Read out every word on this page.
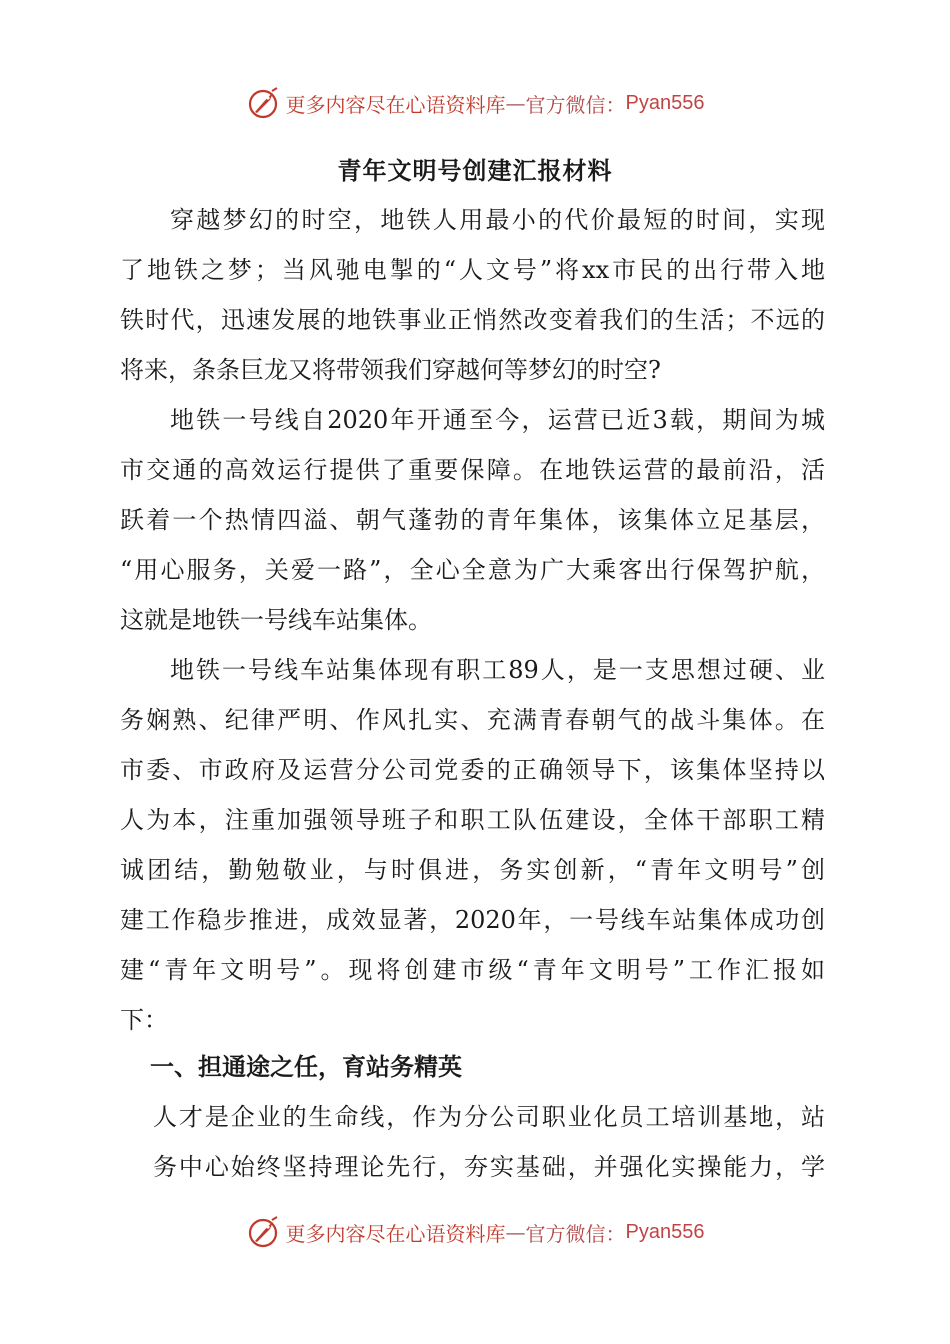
更多内容尽在心语资料库 — 官方微信： Pyan556
青年文明号创建汇报材料
穿越梦幻的时空，地铁人用最小的代价最短的时间，实现
了地铁之梦；当风驰电掣的“人文号”将xx市民的出行带入地
铁时代，迅速发展的地铁事业正悄然改变着我们的生活；不远的
将来，条条巨龙又将带领我们穿越何等梦幻的时空?
地铁一号线自2020年开通至今，运营已近3载，期间为城
市交通的高效运行提供了重要保障。在地铁运营的最前沿，活
跃着一个热情四溢、朝气蓬勃的青年集体，该集体立足基层，
“用心服务，关爱一路”，全心全意为广大乘客出行保驾护航，
这就是地铁一号线车站集体。
地铁一号线车站集体现有职工89人，是一支思想过硬、业
务娴熟、纪律严明、作风扎实、充满青春朝气的战斗集体。在
市委、市政府及运营分公司党委的正确领导下，该集体坚持以
人为本，注重加强领导班子和职工队伍建设，全体干部职工精
诚团结，勤勉敬业，与时俱进，务实创新，“青年文明号”创
建工作稳步推进，成效显著，2020年，一号线车站集体成功创
建“青年文明号”。现将创建市级“青年文明号”工作汇报如
下：
一、担通途之任，育站务精英
人才是企业的生命线，作为分公司职业化员工培训基地，站
务中心始终坚持理论先行，夯实基础，并强化实操能力，学
更多内容尽在心语资料库 — 官方微信： Pyan556
